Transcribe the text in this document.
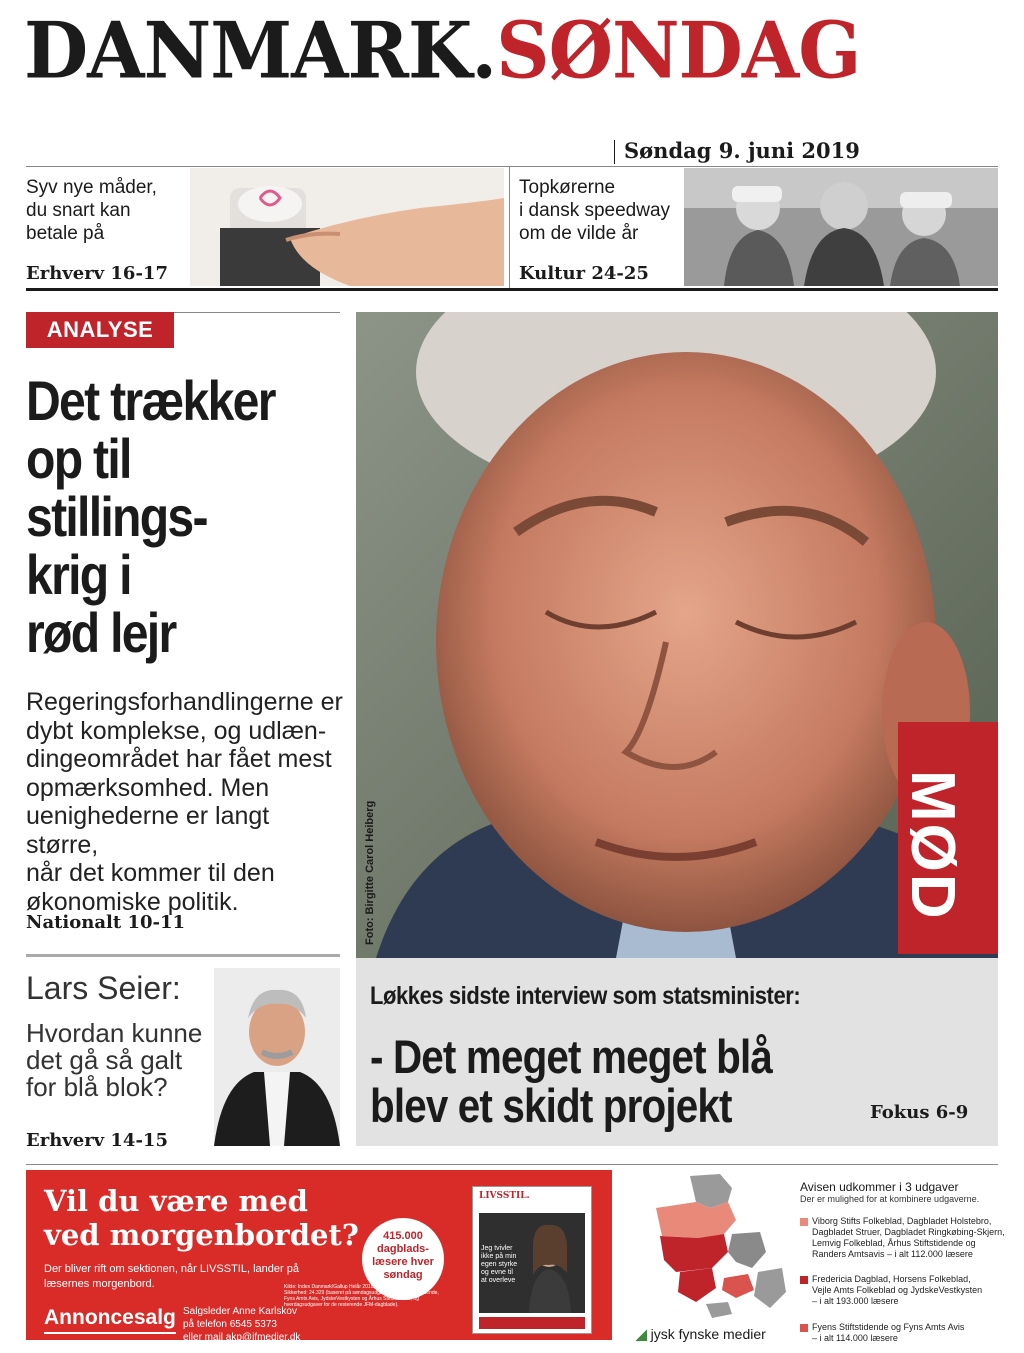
DANMARK.SØNDAG
Søndag 9. juni 2019
Syv nye måder,
du snart kan
betale på
Erhverv 16-17
Topkørerne
i dansk speedway
om de vilde år
Kultur 24-25
ANALYSE
Det trækker
op til
stillings-
krig i
rød lejr
Regeringsforhandlingerne er
dybt komplekse, og udlæn-
dingeområdet har fået mest
opmærksomhed. Men
uenighederne er langt større,
når det kommer til den
økonomiske politik.
Nationalt 10-11	Foto: Birgitte Carol Heiberg	MØD
Løkkes sidste interview som statsminister:
- Det meget meget blå
blev et skidt projekt	Fokus 6-9
Lars Seier:
Hvordan kunne
det gå så galt
for blå blok?
Erhverv 14-15
Vil du være med
ved morgenbordet?
Der bliver rift om sektionen, når LIVSSTIL, lander på
læsernes morgenbord.
415.000
dagblads-
læsere hver
søndag
Annoncesalg Salgsleder Anne Karlskov
på telefon 6545 5373
eller mail akp@jfmedier.dk
Kilde: Index Danmark/Gallup Helår 2018/Målgruppe: 12 år+/
Sikkerhed: 24.329 (baseret på søndagsudgave af Fyens Stiftstidende,
Fyns Amts Avis, JydskeVestkysten og Århus Stiftstidende, og
hverdagsudgaver for de resterende JFM-dagblade).
LIVSSTIL.
Jeg tvivler
ikke på min
egen styrke
og evne til
at overleve
Avisen udkommer i 3 udgaver
Der er mulighed for at kombinere udgaverne.
Viborg Stifts Folkeblad, Dagbladet Holstebro,
Dagbladet Struer, Dagbladet Ringkøbing-Skjern,
Lemvig Folkeblad, Århus Stiftstidende og
Randers Amtsavis – i alt 112.000 læsere
Fredericia Dagblad, Horsens Folkeblad,
Vejle Amts Folkeblad og JydskeVestkysten
– i alt 193.000 læsere
Fyens Stiftstidende og Fyns Amts Avis
– i alt 114.000 læsere
◢ jysk fynske medier
